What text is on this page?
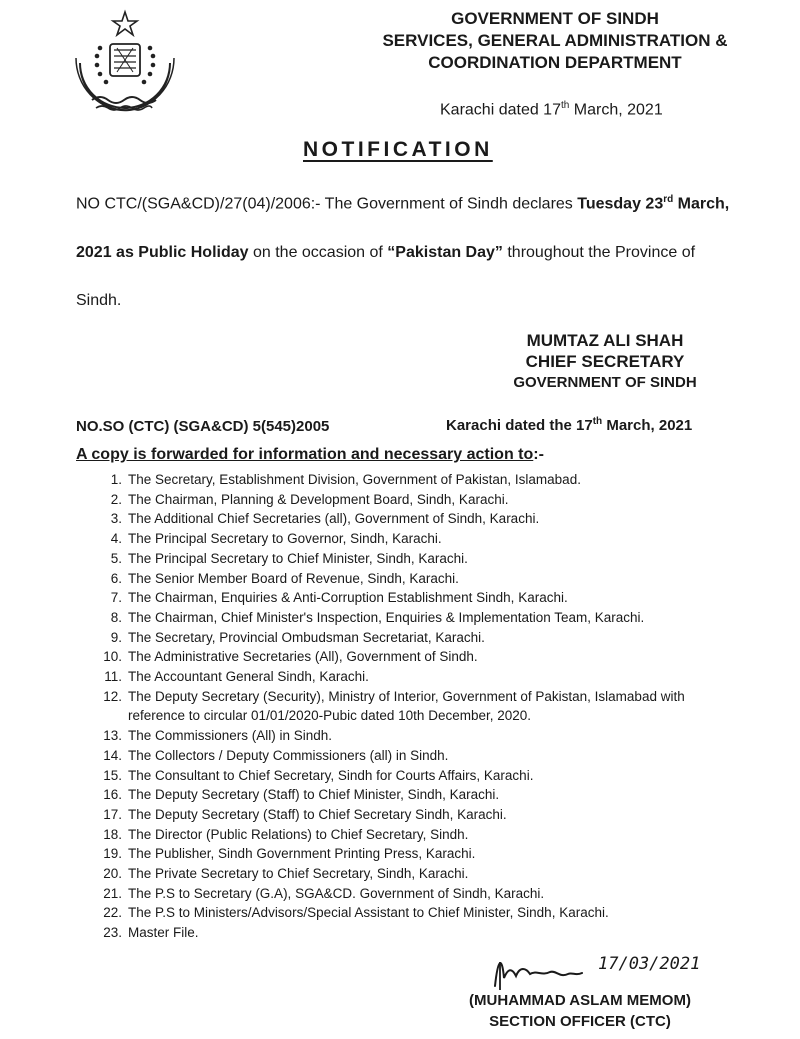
GOVERNMENT OF SINDH
SERVICES, GENERAL ADMINISTRATION &
COORDINATION DEPARTMENT
Karachi dated 17th March, 2021
NOTIFICATION
NO CTC/(SGA&CD)/27(04)/2006:- The Government of Sindh declares Tuesday 23rd March,
2021 as Public Holiday on the occasion of “Pakistan Day” throughout the Province of
Sindh.
MUMTAZ ALI SHAH
CHIEF SECRETARY
GOVERNMENT OF SINDH
NO.SO (CTC) (SGA&CD) 5(545)2005	Karachi dated the 17th March, 2021
A copy is forwarded for information and necessary action to:-
1. The Secretary, Establishment Division, Government of Pakistan, Islamabad.
2. The Chairman, Planning & Development Board, Sindh, Karachi.
3. The Additional Chief Secretaries (all), Government of Sindh, Karachi.
4. The Principal Secretary to Governor, Sindh, Karachi.
5. The Principal Secretary to Chief Minister, Sindh, Karachi.
6. The Senior Member Board of Revenue, Sindh, Karachi.
7. The Chairman, Enquiries & Anti-Corruption Establishment Sindh, Karachi.
8. The Chairman, Chief Minister's Inspection, Enquiries & Implementation Team, Karachi.
9. The Secretary, Provincial Ombudsman Secretariat, Karachi.
10. The Administrative Secretaries (All), Government of Sindh.
11. The Accountant General Sindh, Karachi.
12. The Deputy Secretary (Security), Ministry of Interior, Government of Pakistan, Islamabad with
reference to circular 01/01/2020-Pubic dated 10th December, 2020.
13. The Commissioners (All) in Sindh.
14. The Collectors / Deputy Commissioners (all) in Sindh.
15. The Consultant to Chief Secretary, Sindh for Courts Affairs, Karachi.
16. The Deputy Secretary (Staff) to Chief Minister, Sindh, Karachi.
17. The Deputy Secretary (Staff) to Chief Secretary Sindh, Karachi.
18. The Director (Public Relations) to Chief Secretary, Sindh.
19. The Publisher, Sindh Government Printing Press, Karachi.
20. The Private Secretary to Chief Secretary, Sindh, Karachi.
21. The P.S to Secretary (G.A), SGA&CD. Government of Sindh, Karachi.
22. The P.S to Ministers/Advisors/Special Assistant to Chief Minister, Sindh, Karachi.
23. Master File.
17/03/2021
(MUHAMMAD ASLAM MEMOM)
SECTION OFFICER (CTC)
